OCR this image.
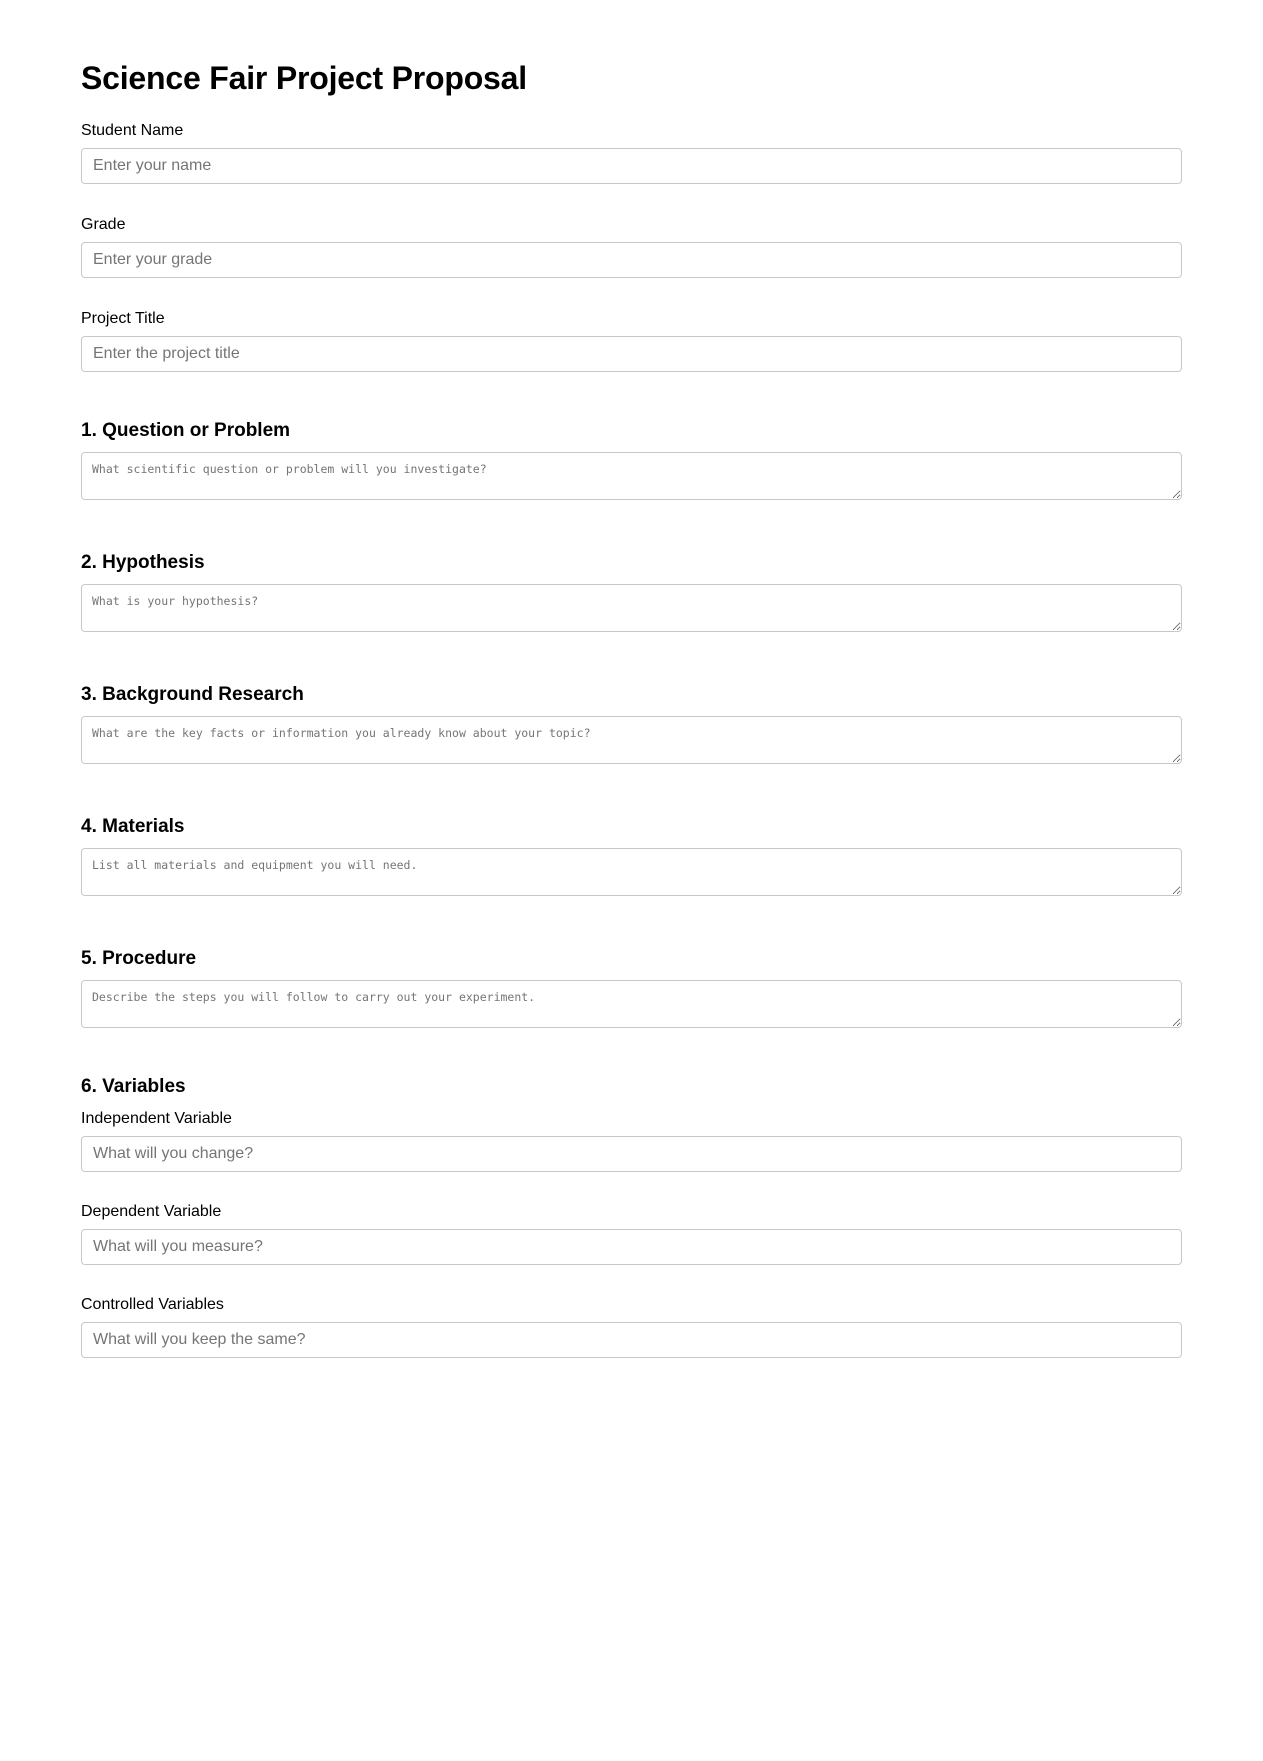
Science Fair Project Proposal
Student Name
Enter your name
Grade
Enter your grade
Project Title
Enter the project title
1. Question or Problem
What scientific question or problem will you investigate?
2. Hypothesis
What is your hypothesis?
3. Background Research
What are the key facts or information you already know about your topic?
4. Materials
List all materials and equipment you will need.
5. Procedure
Describe the steps you will follow to carry out your experiment.
6. Variables
Independent Variable
What will you change?
Dependent Variable
What will you measure?
Controlled Variables
What will you keep the same?
